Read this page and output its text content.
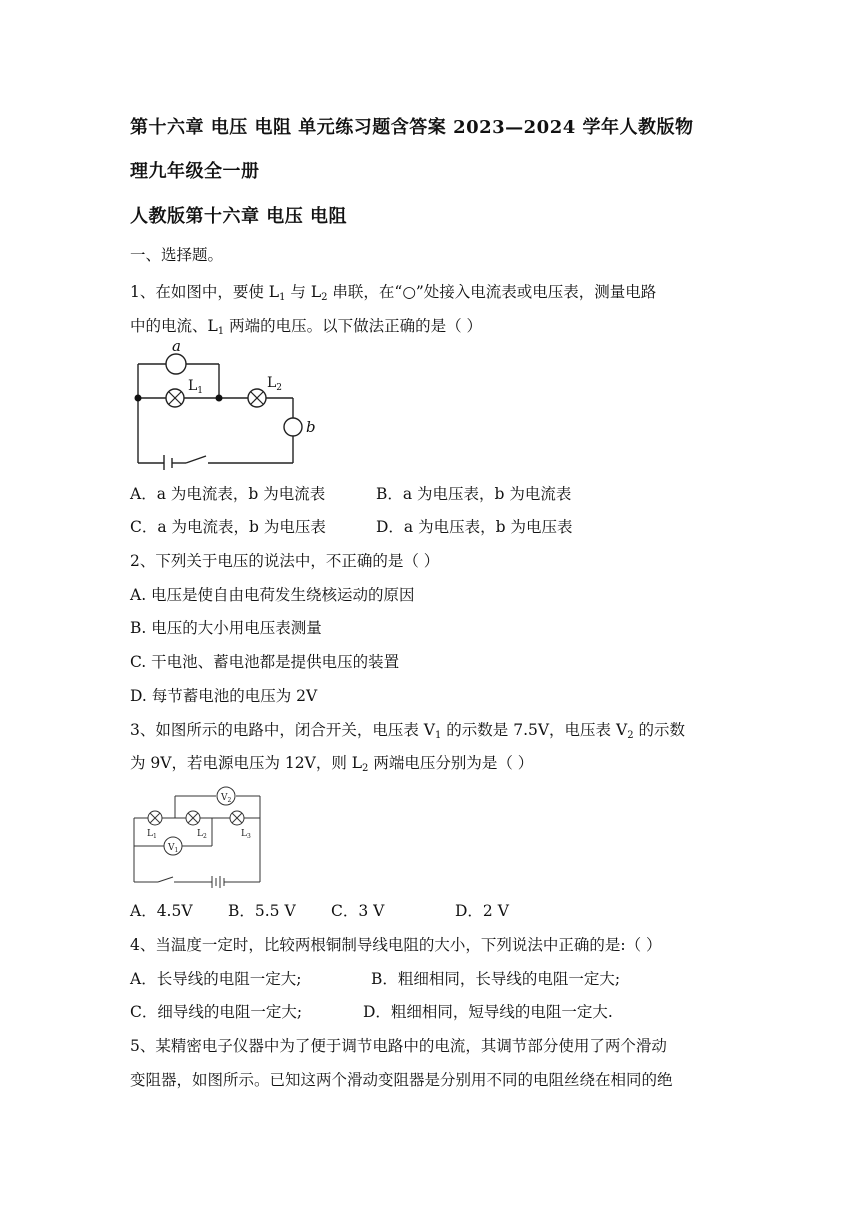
第十六章 电压 电阻 单元练习题含答案 2023—2024 学年人教版物
理九年级全一册
人教版第十六章 电压 电阻
一、选择题。
1、在如图中，要使 $L_1$ 与 $L_2$ 串联，在“○”处接入电流表或电压表，测量电路
中的电流、$L_1$ 两端的电压。以下做法正确的是（ ）
a
$L_1$	$L_2$
b
A．a 为电流表，b 为电流表	B．a 为电压表，b 为电流表
C．a 为电流表，b 为电压表	D．a 为电压表，b 为电压表
2、下列关于电压的说法中，不正确的是（ ）
A. 电压是使自由电荷发生绕核运动的原因
B. 电压的大小用电压表测量
C. 干电池、蓄电池都是提供电压的装置
D. 每节蓄电池的电压为 2V
3、如图所示的电路中，闭合开关，电压表 $V_1$ 的示数是 7.5V，电压表 $V_2$ 的示数
为 9V，若电源电压为 12V，则 $L_2$ 两端电压分别为是（ ）
$V_2$
$V_1$
$L_1$	$L_2$	$L_3$
A．4.5V B．5.5 V C．3 V	D．2 V
4、当温度一定时，比较两根铜制导线电阻的大小，下列说法中正确的是:（ ）
A．长导线的电阻一定大;	B．粗细相同，长导线的电阻一定大;
C．细导线的电阻一定大;	D．粗细相同，短导线的电阻一定大.
5、某精密电子仪器中为了便于调节电路中的电流，其调节部分使用了两个滑动
变阻器，如图所示。已知这两个滑动变阻器是分别用不同的电阻丝绕在相同的绝
